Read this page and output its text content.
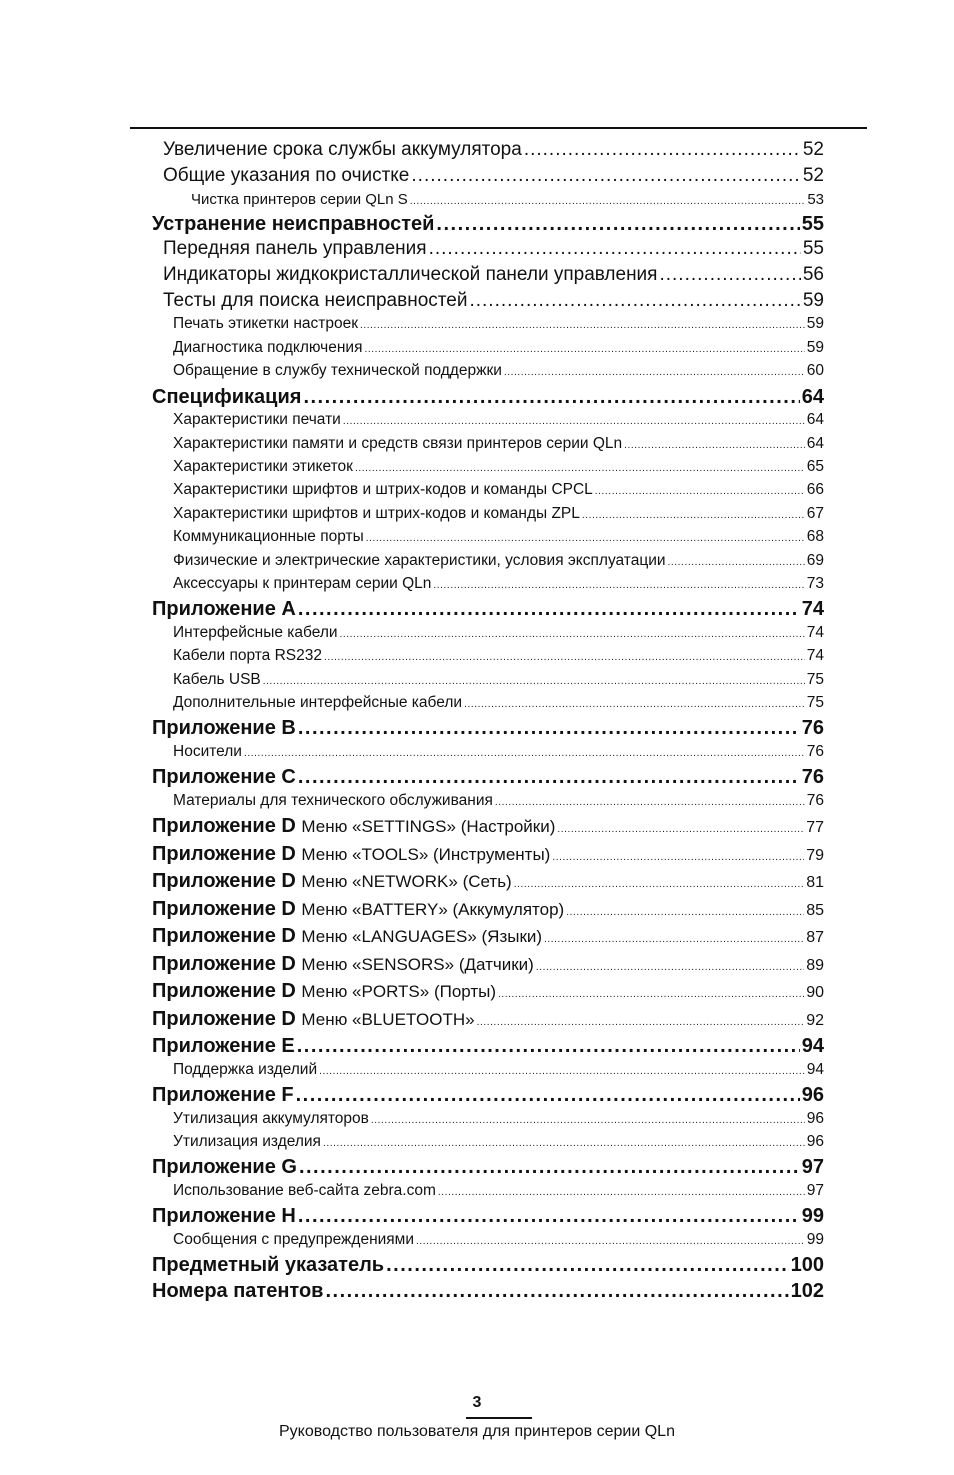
Увеличение срока службы аккумулятора .....	52
Общие указания по очистке .....	52
Чистка принтеров серии QLn S .....	53
Устранение неисправностей .....	55
Передняя панель управления .....	55
Индикаторы жидкокристаллической панели управления .....	56
Тесты для поиска неисправностей .....	59
Печать этикетки настроек .....	59
Диагностика подключения .....	59
Обращение в службу технической поддержки .....	60
Спецификация .....	64
Характеристики печати .....	64
Характеристики памяти и средств связи принтеров серии QLn .....	64
Характеристики этикеток .....	65
Характеристики шрифтов и штрих-кодов и команды CPCL .....	66
Характеристики шрифтов и штрих-кодов и команды ZPL .....	67
Коммуникационные порты .....	68
Физические и электрические характеристики, условия эксплуатации .....	69
Аксессуары к принтерам серии QLn .....	73
Приложение A .....	74
Интерфейсные кабели .....	74
Кабели порта RS232 .....	74
Кабель USB .....	75
Дополнительные интерфейсные кабели .....	75
Приложение B .....	76
Носители .....	76
Приложение C .....	76
Материалы для технического обслуживания .....	76
Приложение D Меню «SETTINGS» (Настройки) .....	77
Приложение D Меню «TOOLS» (Инструменты) .....	79
Приложение D Меню «NETWORK» (Сеть) .....	81
Приложение D Меню «BATTERY» (Аккумулятор) .....	85
Приложение D Меню «LANGUAGES» (Языки) .....	87
Приложение D Меню «SENSORS» (Датчики) .....	89
Приложение D Меню «PORTS» (Порты) .....	90
Приложение D Меню «BLUETOOTH» .....	92
Приложение E .....	94
Поддержка изделий .....	94
Приложение F .....	96
Утилизация аккумуляторов .....	96
Утилизация изделия .....	96
Приложение G .....	97
Использование веб-сайта zebra.com .....	97
Приложение H .....	99
Сообщения с предупреждениями .....	99
Предметный указатель .....	100
Номера патентов .....	102
3
Руководство пользователя для принтеров серии QLn
